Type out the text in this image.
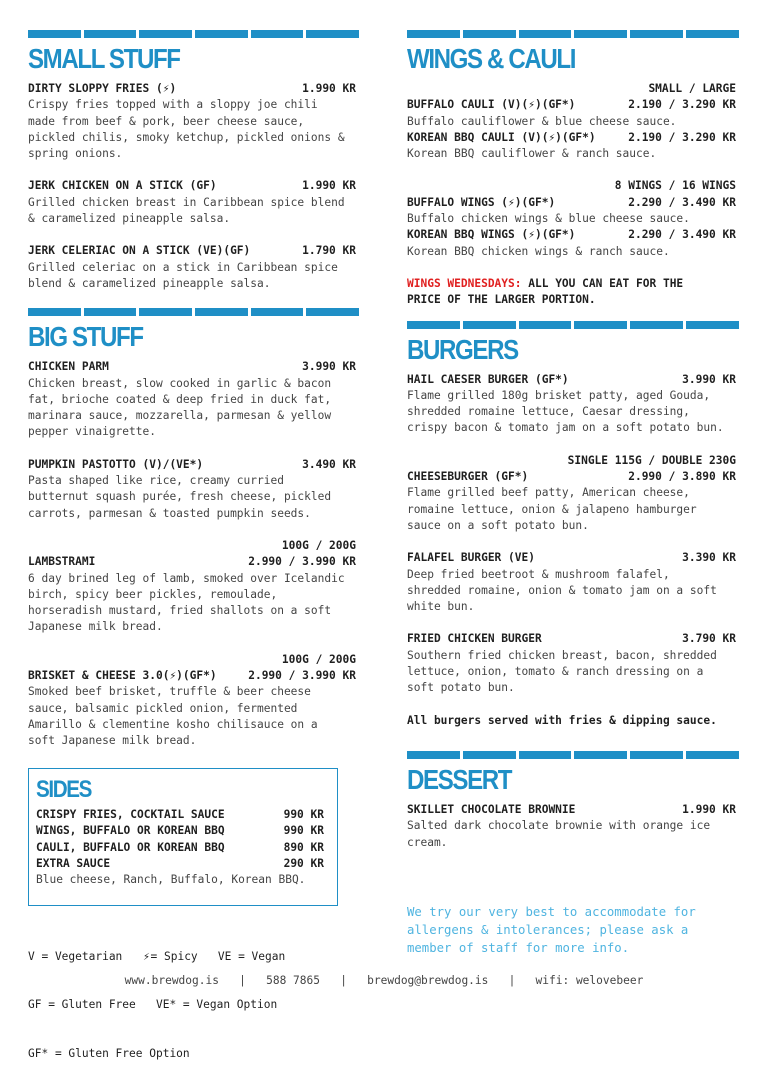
SMALL STUFF
DIRTY SLOPPY FRIES (⚡)	1.990 KR
Crispy fries topped with a sloppy joe chili
made from beef & pork, beer cheese sauce,
pickled chilis, smoky ketchup, pickled onions &
spring onions.
JERK CHICKEN ON A STICK (GF)	1.990 KR
Grilled chicken breast in Caribbean spice blend
& caramelized pineapple salsa.
JERK CELERIAC ON A STICK (VE)(GF)	1.790 KR
Grilled celeriac on a stick in Caribbean spice
blend & caramelized pineapple salsa.
BIG STUFF
CHICKEN PARM	3.990 KR
Chicken breast, slow cooked in garlic & bacon
fat, brioche coated & deep fried in duck fat,
marinara sauce, mozzarella, parmesan & yellow
pepper vinaigrette.
PUMPKIN PASTOTTO (V)/(VE*)	3.490 KR
Pasta shaped like rice, creamy curried
butternut squash purée, fresh cheese, pickled
carrots, parmesan & toasted pumpkin seeds.
100G / 200G
LAMBSTRAMI	2.990 / 3.990 KR
6 day brined leg of lamb, smoked over Icelandic
birch, spicy beer pickles, remoulade,
horseradish mustard, fried shallots on a soft
Japanese milk bread.
100G / 200G
BRISKET & CHEESE 3.0(⚡)(GF*)	2.990 / 3.990 KR
Smoked beef brisket, truffle & beer cheese
sauce, balsamic pickled onion, fermented
Amarillo & clementine kosho chilisauce on a
soft Japanese milk bread.
SIDES
CRISPY FRIES, COCKTAIL SAUCE	990 KR
WINGS, BUFFALO OR KOREAN BBQ	990 KR
CAULI, BUFFALO OR KOREAN BBQ	890 KR
EXTRA SAUCE	290 KR
Blue cheese, Ranch, Buffalo, Korean BBQ.

V = Vegetarian   ⚡= Spicy   VE = Vegan

GF = Gluten Free   VE* = Vegan Option

GF* = Gluten Free Option

WINGS & CAULI
SMALL / LARGE
BUFFALO CAULI (V)(⚡)(GF*)	2.190 / 3.290 KR
Buffalo cauliflower & blue cheese sauce.
KOREAN BBQ CAULI (V)(⚡)(GF*)	2.190 / 3.290 KR
Korean BBQ cauliflower & ranch sauce.
8 WINGS / 16 WINGS
BUFFALO WINGS (⚡)(GF*)	2.290 / 3.490 KR
Buffalo chicken wings & blue cheese sauce.
KOREAN BBQ WINGS (⚡)(GF*)	2.290 / 3.490 KR
Korean BBQ chicken wings & ranch sauce.
WINGS WEDNESDAYS: ALL YOU CAN EAT FOR THE
PRICE OF THE LARGER PORTION.
BURGERS
HAIL CAESER BURGER (GF*)	3.990 KR
Flame grilled 180g brisket patty, aged Gouda,
shredded romaine lettuce, Caesar dressing,
crispy bacon & tomato jam on a soft potato bun.
SINGLE 115G / DOUBLE 230G
CHEESEBURGER (GF*)	2.990 / 3.890 KR
Flame grilled beef patty, American cheese,
romaine lettuce, onion & jalapeno hamburger
sauce on a soft potato bun.
FALAFEL BURGER (VE)	3.390 KR
Deep fried beetroot & mushroom falafel,
shredded romaine, onion & tomato jam on a soft
white bun.
FRIED CHICKEN BURGER	3.790 KR
Southern fried chicken breast, bacon, shredded
lettuce, onion, tomato & ranch dressing on a
soft potato bun.
All burgers served with fries & dipping sauce.
DESSERT
SKILLET CHOCOLATE BROWNIE	1.990 KR
Salted dark chocolate brownie with orange ice
cream.
We try our very best to accommodate for
allergens & intolerances; please ask a
member of staff for more info.
www.brewdog.is   |   588 7865   |   brewdog@brewdog.is   |   wifi: welovebeer
